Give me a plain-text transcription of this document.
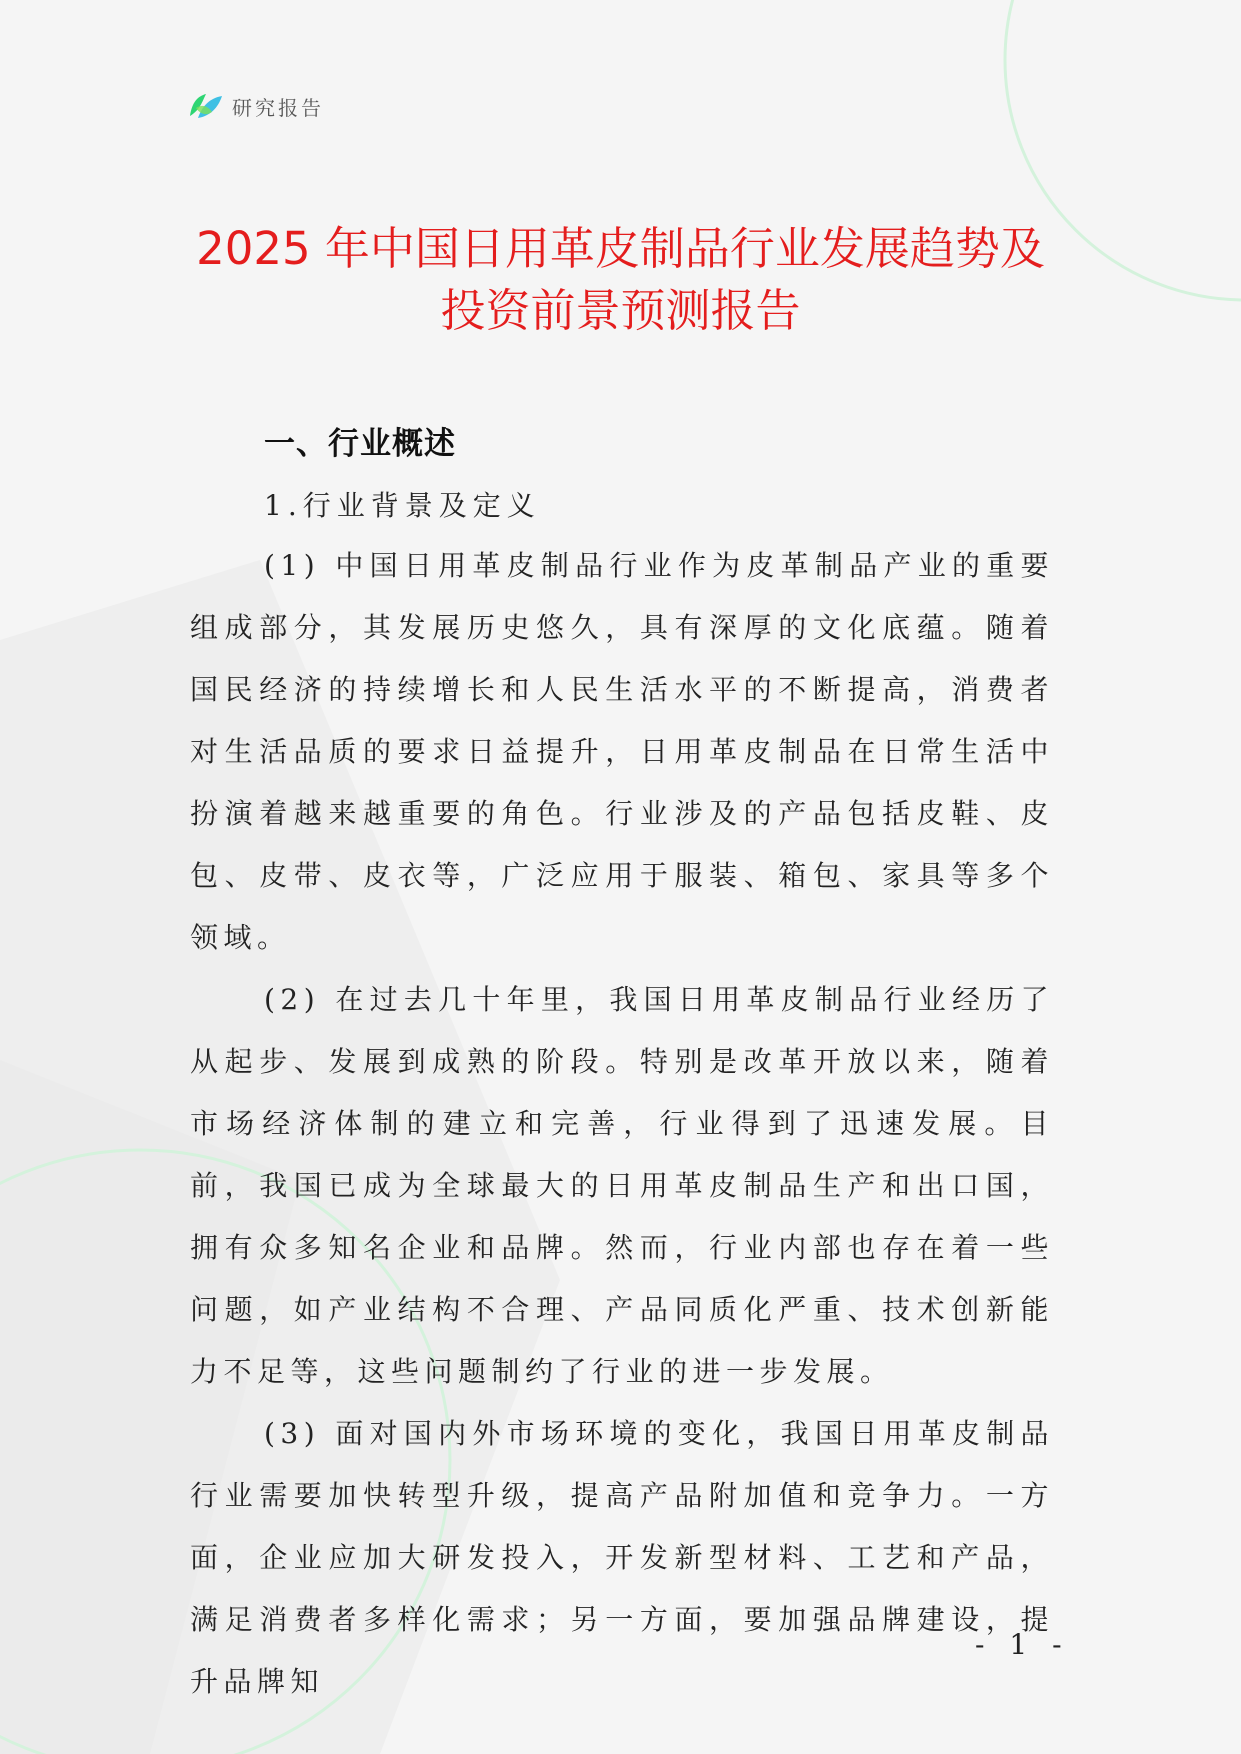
研究报告
2025 年中国日用革皮制品行业发展趋势及
投资前景预测报告
一、行业概述
1.行业背景及定义

(1) 中国日用革皮制品行业作为皮革制品产业的重要组成部分，其发展历史悠久，具有深厚的文化底蕴。随着国民经济的持续增长和人民生活水平的不断提高，消费者对生活品质的要求日益提升，日用革皮制品在日常生活中扮演着越来越重要的角色。行业涉及的产品包括皮鞋、皮包、皮带、皮衣等，广泛应用于服装、箱包、家具等多个领域。

(2) 在过去几十年里，我国日用革皮制品行业经历了从起步、发展到成熟的阶段。特别是改革开放以来，随着市场经济体制的建立和完善，行业得到了迅速发展。目前，我国已成为全球最大的日用革皮制品生产和出口国，拥有众多知名企业和品牌。然而，行业内部也存在着一些问题，如产业结构不合理、产品同质化严重、技术创新能力不足等，这些问题制约了行业的进一步发展。

(3) 面对国内外市场环境的变化，我国日用革皮制品行业需要加快转型升级，提高产品附加值和竞争力。一方面，企业应加大研发投入，开发新型材料、工艺和产品，满足消费者多样化需求；另一方面，要加强品牌建设，提升品牌知

- 1 -
